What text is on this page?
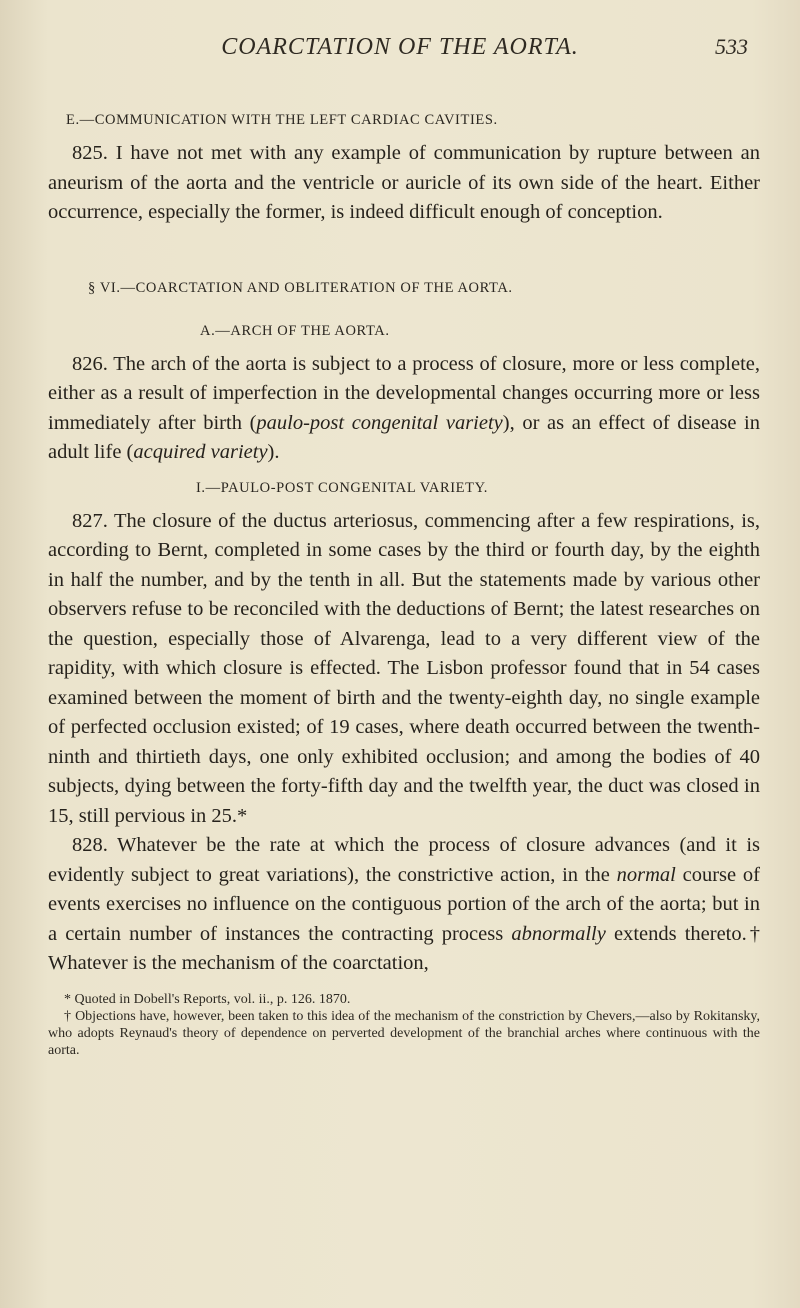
COARCTATION OF THE AORTA.	533

E.—COMMUNICATION WITH THE LEFT CARDIAC CAVITIES.

825. I have not met with any example of communication by rupture between an aneurism of the aorta and the ventricle or auricle of its own side of the heart. Either occurrence, especially the former, is indeed difficult enough of conception.

§ VI.—COARCTATION AND OBLITERATION OF THE AORTA.

A.—ARCH OF THE AORTA.

826. The arch of the aorta is subject to a process of closure, more or less complete, either as a result of imperfection in the developmental changes occurring more or less immediately after birth (paulo-post congenital variety), or as an effect of disease in adult life (acquired variety).

I.—PAULO-POST CONGENITAL VARIETY.

827. The closure of the ductus arteriosus, commencing after a few respirations, is, according to Bernt, completed in some cases by the third or fourth day, by the eighth in half the number, and by the tenth in all. But the statements made by various other observers refuse to be reconciled with the deductions of Bernt; the latest researches on the question, especially those of Alvarenga, lead to a very different view of the rapidity, with which closure is effected. The Lisbon professor found that in 54 cases examined between the moment of birth and the twenty-eighth day, no single example of perfected occlusion existed; of 19 cases, where death occurred between the twenth-ninth and thirtieth days, one only exhibited occlusion; and among the bodies of 40 subjects, dying between the forty-fifth day and the twelfth year, the duct was closed in 15, still pervious in 25.*

828. Whatever be the rate at which the process of closure advances (and it is evidently subject to great variations), the constrictive action, in the normal course of events exercises no influence on the contiguous portion of the arch of the aorta; but in a certain number of instances the contracting process abnormally extends thereto.† Whatever is the mechanism of the coarctation,

* Quoted in Dobell's Reports, vol. ii., p. 126. 1870.

† Objections have, however, been taken to this idea of the mechanism of the constriction by Chevers,—also by Rokitansky, who adopts Reynaud's theory of dependence on perverted development of the branchial arches where continuous with the aorta.
